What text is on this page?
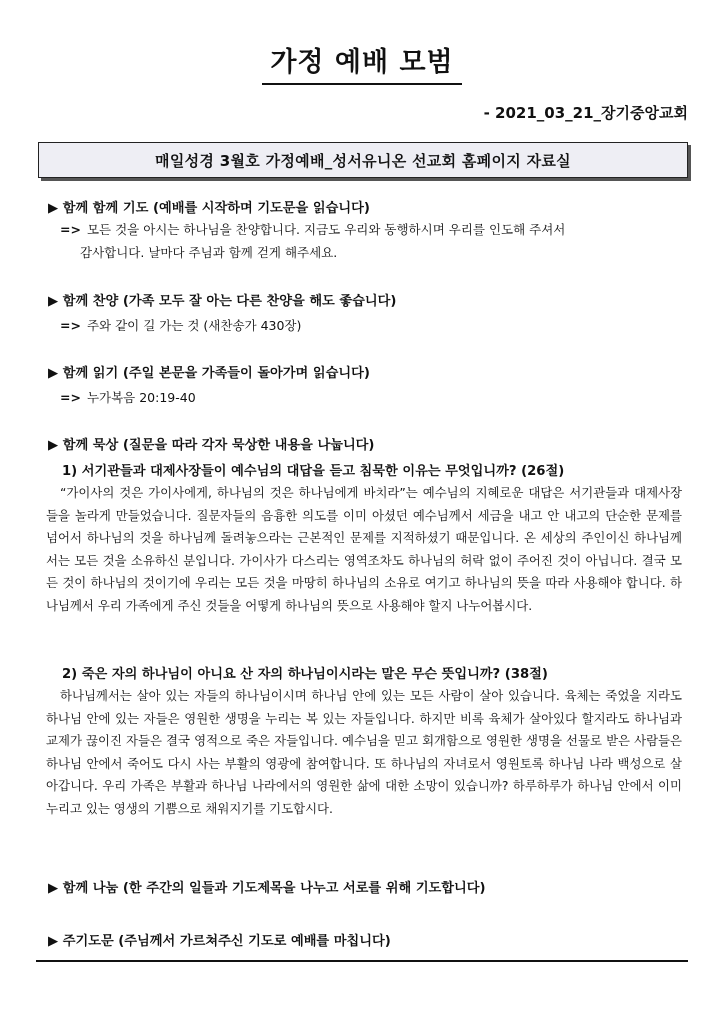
가정 예배 모범
- 2021_03_21_장기중앙교회
매일성경 3월호 가정예배_성서유니온 선교회 홈페이지 자료실
▶ 함께 함께 기도 (예배를 시작하며 기도문을 읽습니다)
=> 모든 것을 아시는 하나님을 찬양합니다. 지금도 우리와 동행하시며 우리를 인도해 주셔서
감사합니다. 날마다 주님과 함께 걷게 해주세요.
▶ 함께 찬양 (가족 모두 잘 아는 다른 찬양을 해도 좋습니다)
=> 주와 같이 길 가는 것 (새찬송가 430장)
▶ 함께 읽기 (주일 본문을 가족들이 돌아가며 읽습니다)
=> 누가복음 20:19-40
▶ 함께 묵상 (질문을 따라 각자 묵상한 내용을 나눕니다)
1) 서기관들과 대제사장들이 예수님의 대답을 듣고 침묵한 이유는 무엇입니까? (26절)

“가이사의 것은 가이사에게, 하나님의 것은 하나님에게 바치라”는 예수님의 지혜로운 대답은 서기관들과 대제사장들을 놀라게 만들었습니다. 질문자들의 음흉한 의도를 이미 아셨던 예수님께서 세금을 내고 안 내고의 단순한 문제를 넘어서 하나님의 것을 하나님께 돌려놓으라는 근본적인 문제를 지적하셨기 때문입니다. 온 세상의 주인이신 하나님께서는 모든 것을 소유하신 분입니다. 가이사가 다스리는 영역조차도 하나님의 허락 없이 주어진 것이 아닙니다. 결국 모든 것이 하나님의 것이기에 우리는 모든 것을 마땅히 하나님의 소유로 여기고 하나님의 뜻을 따라 사용해야 합니다. 하나님께서 우리 가족에게 주신 것들을 어떻게 하나님의 뜻으로 사용해야 할지 나누어봅시다.

2) 죽은 자의 하나님이 아니요 산 자의 하나님이시라는 말은 무슨 뜻입니까? (38절)

하나님께서는 살아 있는 자들의 하나님이시며 하나님 안에 있는 모든 사람이 살아 있습니다. 육체는 죽었을 지라도 하나님 안에 있는 자들은 영원한 생명을 누리는 복 있는 자들입니다. 하지만 비록 육체가 살아있다 할지라도 하나님과 교제가 끊이진 자들은 결국 영적으로 죽은 자들입니다. 예수님을 믿고 회개함으로 영원한 생명을 선물로 받은 사람들은 하나님 안에서 죽어도 다시 사는 부활의 영광에 참여합니다. 또 하나님의 자녀로서 영원토록 하나님 나라 백성으로 살아갑니다. 우리 가족은 부활과 하나님 나라에서의 영원한 삶에 대한 소망이 있습니까? 하루하루가 하나님 안에서 이미 누리고 있는 영생의 기쁨으로 채워지기를 기도합시다.

▶ 함께 나눔 (한 주간의 일들과 기도제목을 나누고 서로를 위해 기도합니다)
▶ 주기도문 (주님께서 가르쳐주신 기도로 예배를 마칩니다)
